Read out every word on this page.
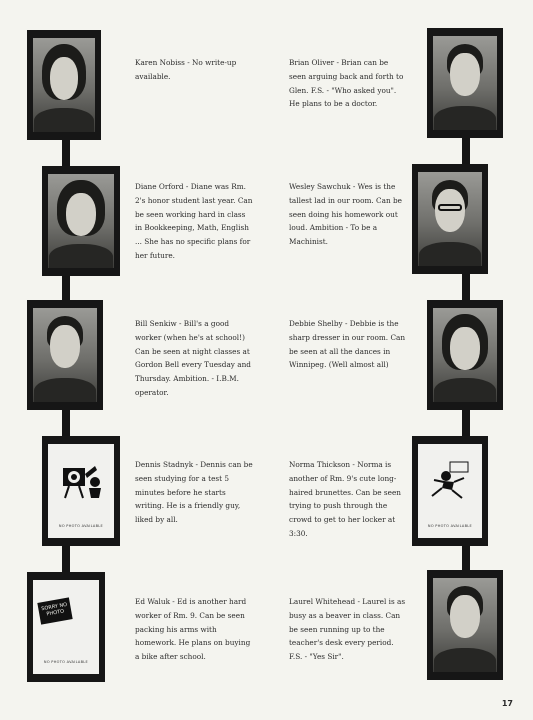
Karen Nobiss - No write-up available.
Diane Orford - Diane was Rm. 2's honor student last year. Can be seen working hard in class in Bookkeeping, Math, English ... She has no specific plans for her future.
Bill Senkiw - Bill's a good worker (when he's at school!) Can be seen at night classes at Gordon Bell every Tuesday and Thursday. Ambition. - I.B.M. operator.
NO PHOTO AVAILABLE
Dennis Stadnyk - Dennis can be seen studying for a test 5 minutes before he starts writing. He is a friendly guy, liked by all.
SORRY NO PHOTO
NO PHOTO AVAILABLE
Ed Waluk - Ed is another hard worker of Rm. 9. Can be seen packing his arms with homework. He plans on buying a bike after school.
Brian Oliver - Brian can be seen arguing back and forth to Glen. F.S. - "Who asked you". He plans to be a doctor.
Wesley Sawchuk - Wes is the tallest lad in our room. Can be seen doing his homework out loud. Ambition - To be a Machinist.
Debbie Shelby - Debbie is the sharp dresser in our room. Can be seen at all the dances in Winnipeg. (Well almost all)
Norma Thickson - Norma is another of Rm. 9's cute long-haired brunettes. Can be seen trying to push through the crowd to get to her locker at 3:30.
NO PHOTO AVAILABLE
Laurel Whitehead - Laurel is as busy as a beaver in class. Can be seen running up to the teacher's desk every period. F.S. - "Yes Sir".
17
